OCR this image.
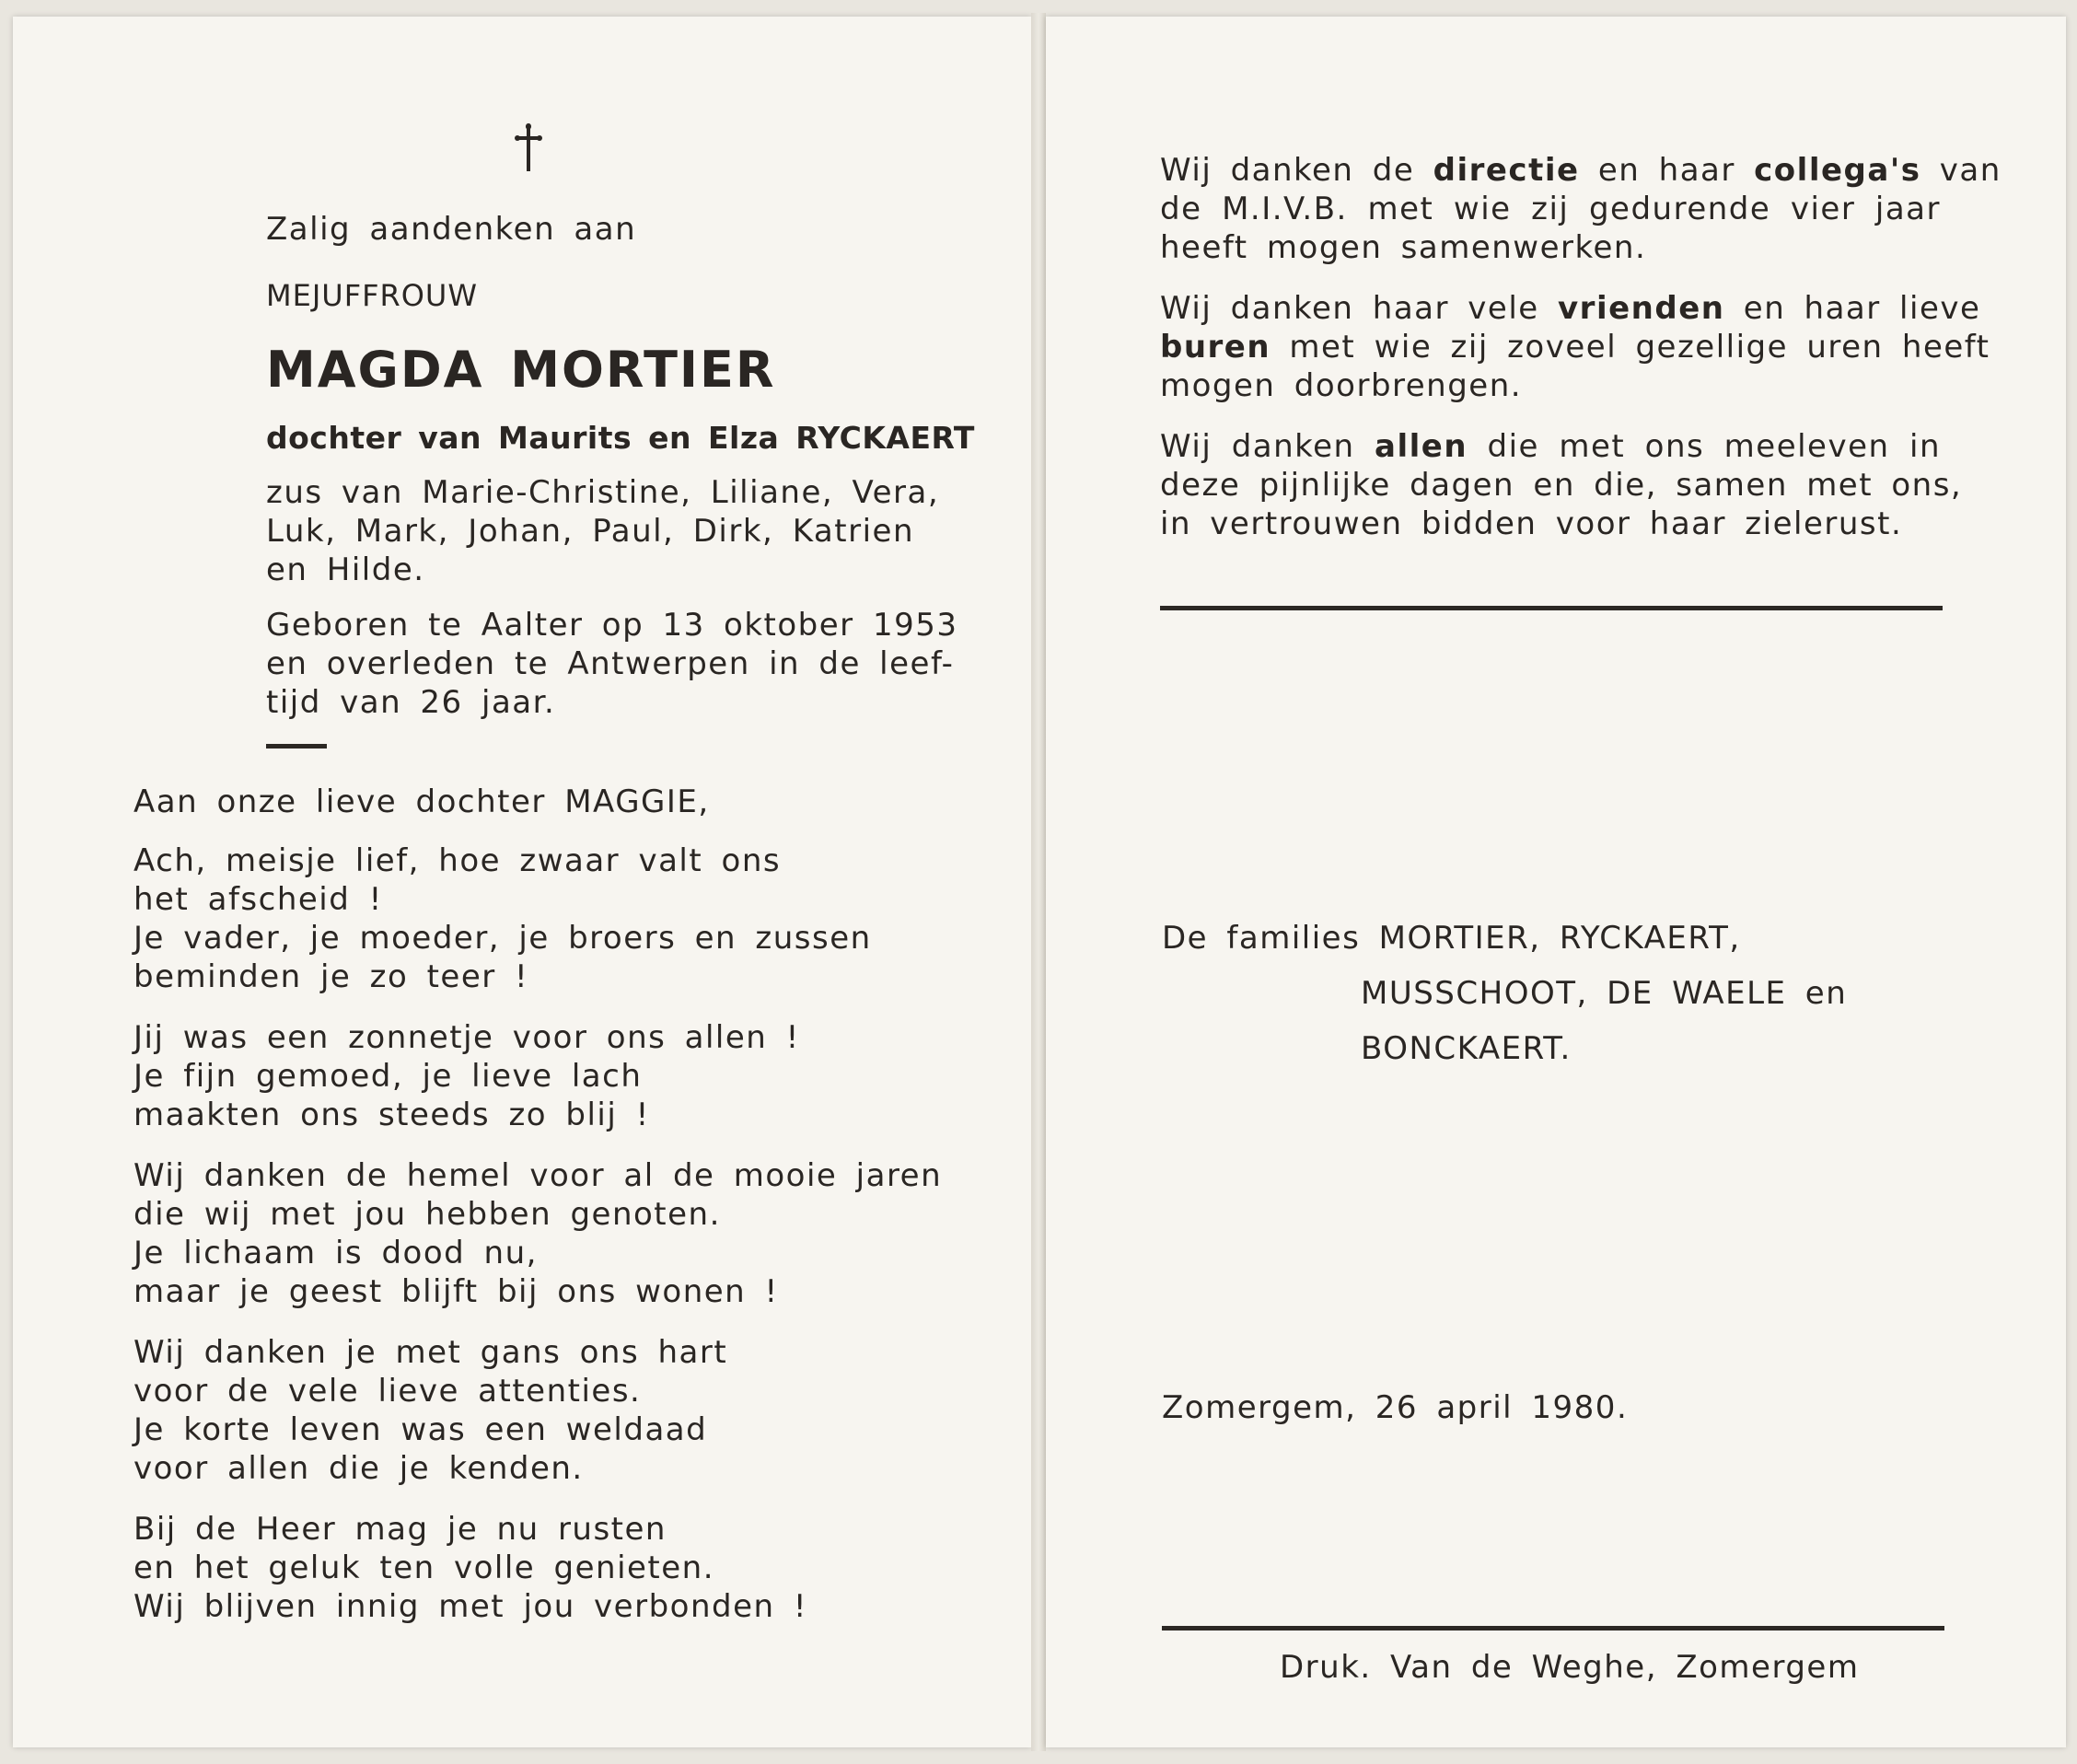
Zalig aandenken aan
MEJUFFROUW
MAGDA MORTIER
dochter van Maurits en Elza RYCKAERT
zus van Marie-Christine, Liliane, Vera,
Luk, Mark, Johan, Paul, Dirk, Katrien
en Hilde.
Geboren te Aalter op 13 oktober 1953
en overleden te Antwerpen in de leef-
tijd van 26 jaar.
Aan onze lieve dochter MAGGIE,
Ach, meisje lief, hoe zwaar valt ons
het afscheid !
Je vader, je moeder, je broers en zussen
beminden je zo teer !
Jij was een zonnetje voor ons allen !
Je fijn gemoed, je lieve lach
maakten ons steeds zo blij !
Wij danken de hemel voor al de mooie jaren
die wij met jou hebben genoten.
Je lichaam is dood nu,
maar je geest blijft bij ons wonen !
Wij danken je met gans ons hart
voor de vele lieve attenties.
Je korte leven was een weldaad
voor allen die je kenden.
Bij de Heer mag je nu rusten
en het geluk ten volle genieten.
Wij blijven innig met jou verbonden !
Wij danken de directie en haar collega's van
de M.I.V.B. met wie zij gedurende vier jaar
heeft mogen samenwerken.
Wij danken haar vele vrienden en haar lieve
buren met wie zij zoveel gezellige uren heeft
mogen doorbrengen.
Wij danken allen die met ons meeleven in
deze pijnlijke dagen en die, samen met ons,
in vertrouwen bidden voor haar zielerust.
De families MORTIER, RYCKAERT,
MUSSCHOOT, DE WAELE en
BONCKAERT.
Zomergem, 26 april 1980.
Druk. Van de Weghe, Zomergem
